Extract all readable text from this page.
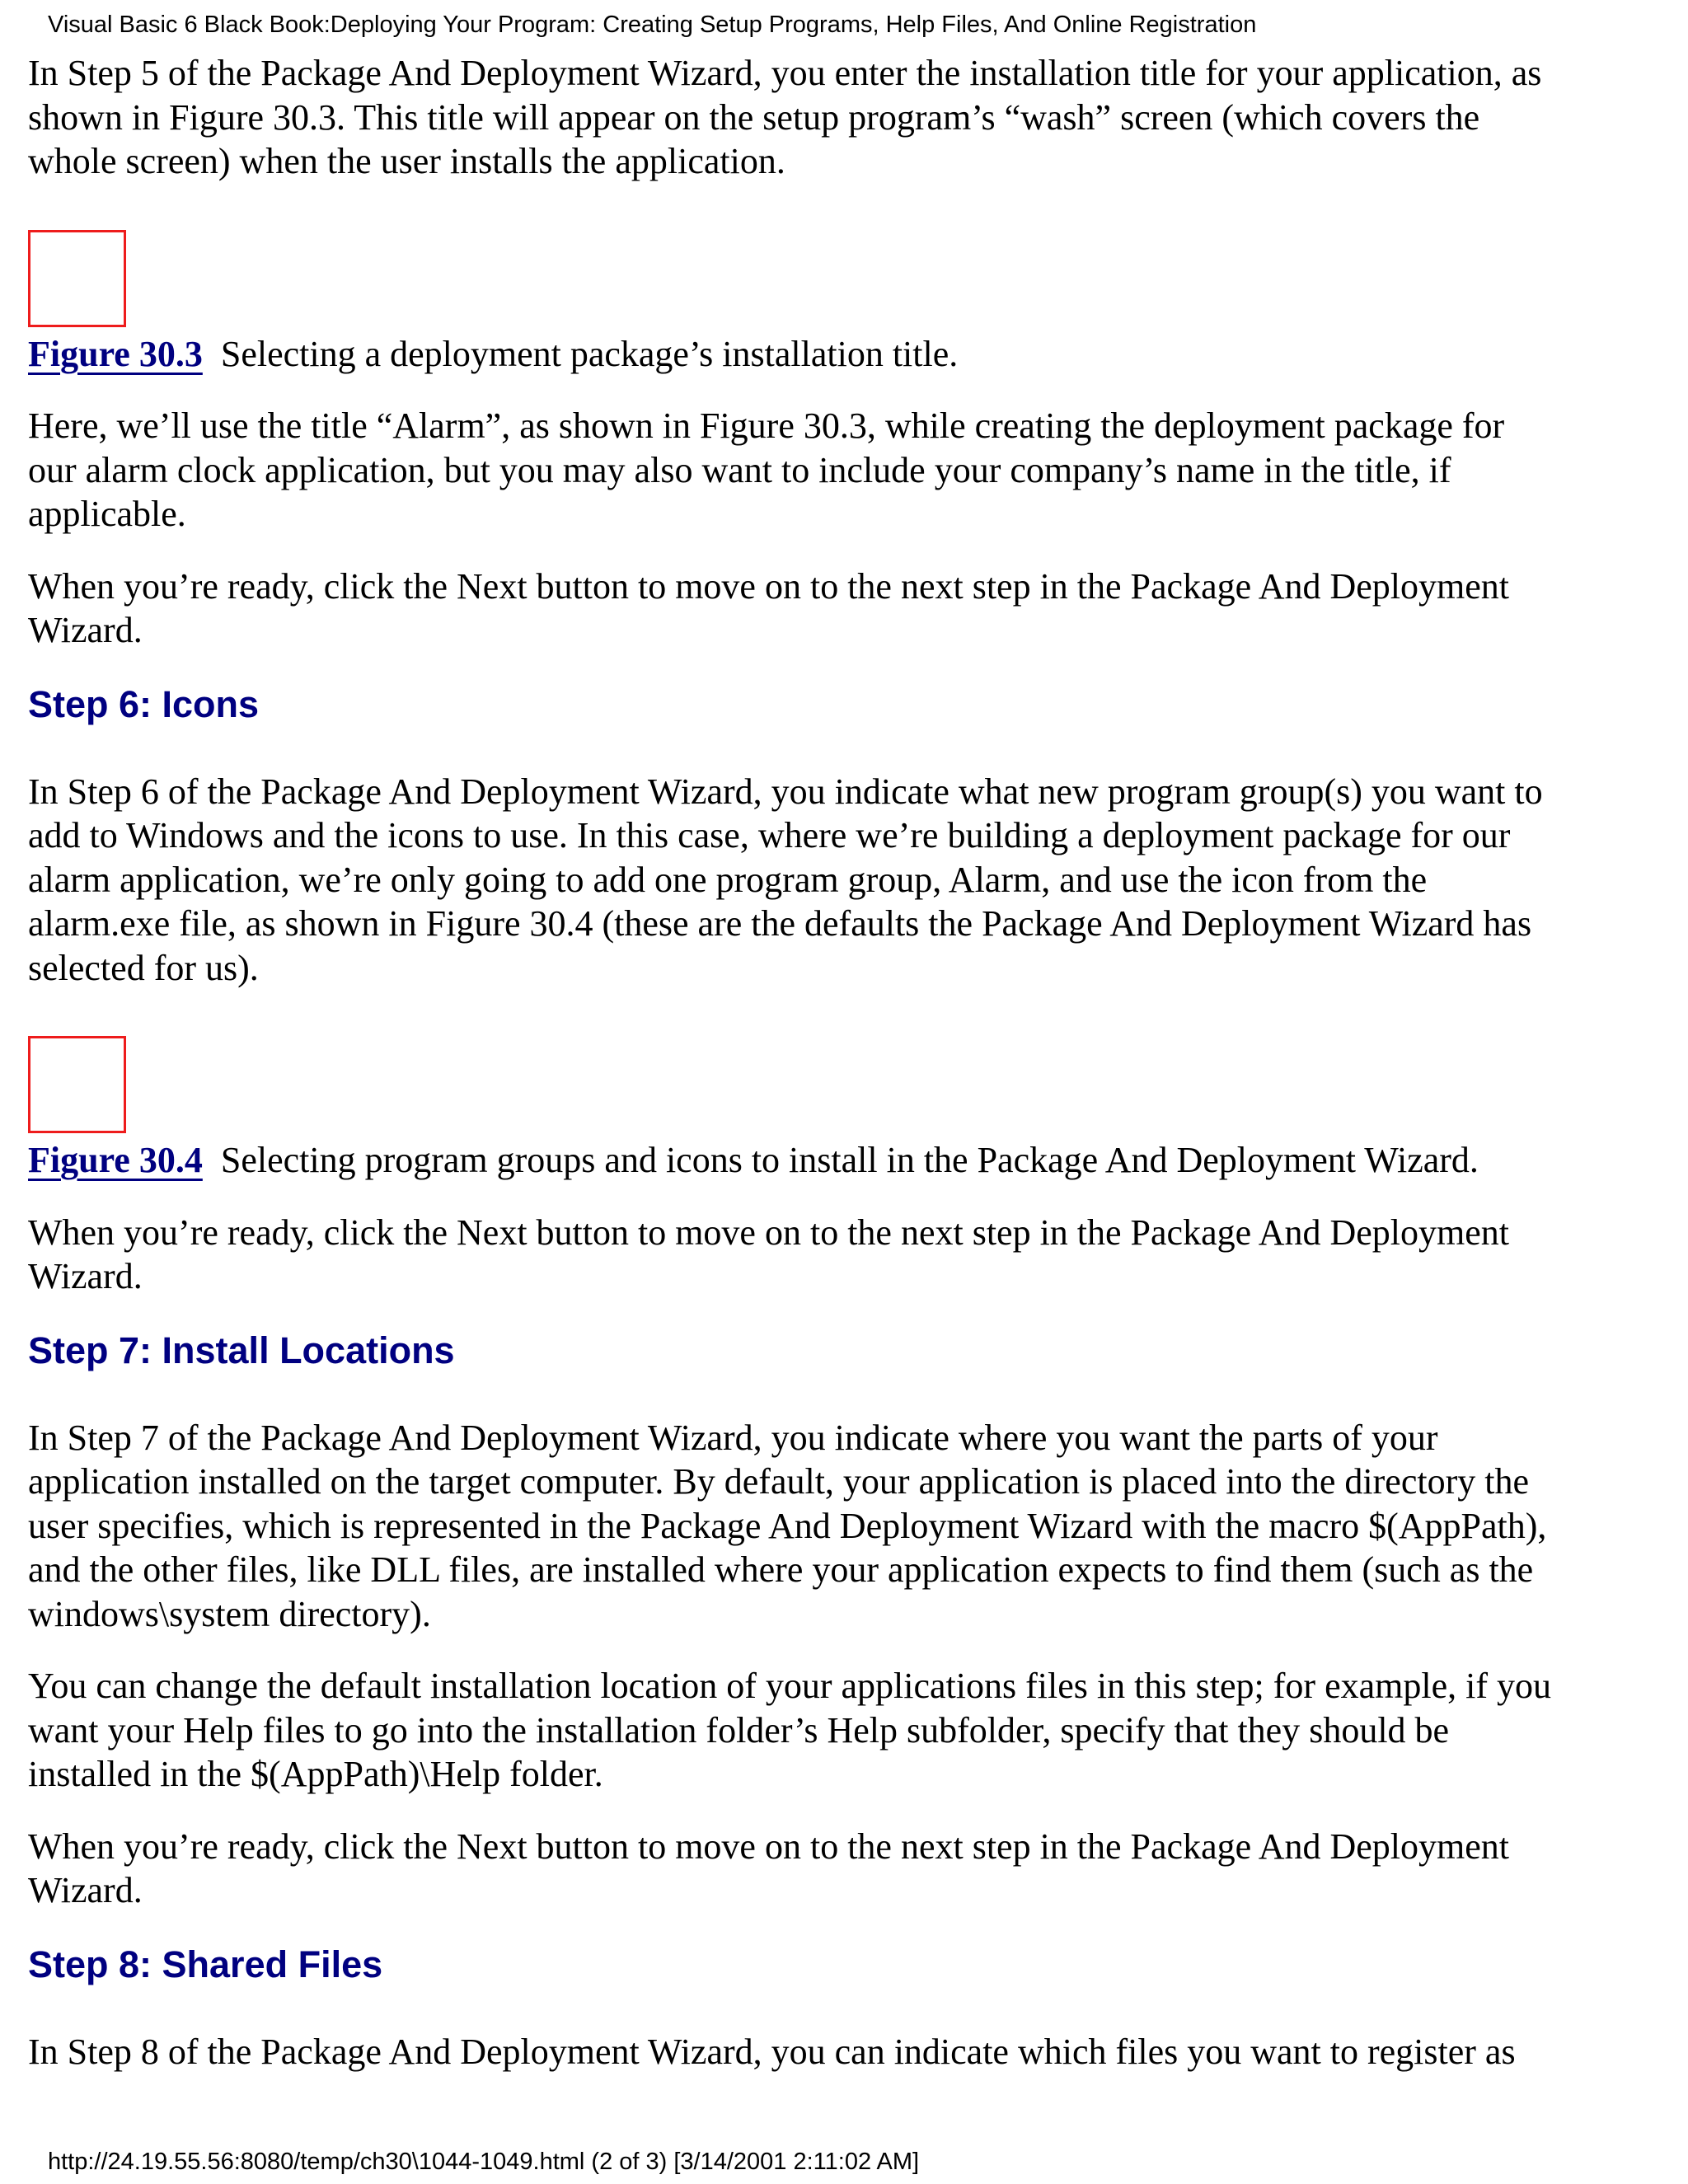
Visual Basic 6 Black Book:Deploying Your Program: Creating Setup Programs, Help Files, And Online Registration

In Step 5 of the Package And Deployment Wizard, you enter the installation title for your application, as
shown in Figure 30.3. This title will appear on the setup program’s “wash” screen (which covers the
whole screen) when the user installs the application.

Figure 30.3 Selecting a deployment package’s installation title.

Here, we’ll use the title “Alarm”, as shown in Figure 30.3, while creating the deployment package for
our alarm clock application, but you may also want to include your company’s name in the title, if
applicable.

When you’re ready, click the Next button to move on to the next step in the Package And Deployment
Wizard.

Step 6: Icons

In Step 6 of the Package And Deployment Wizard, you indicate what new program group(s) you want to
add to Windows and the icons to use. In this case, where we’re building a deployment package for our
alarm application, we’re only going to add one program group, Alarm, and use the icon from the
alarm.exe file, as shown in Figure 30.4 (these are the defaults the Package And Deployment Wizard has
selected for us).

Figure 30.4 Selecting program groups and icons to install in the Package And Deployment Wizard.

When you’re ready, click the Next button to move on to the next step in the Package And Deployment
Wizard.

Step 7: Install Locations

In Step 7 of the Package And Deployment Wizard, you indicate where you want the parts of your
application installed on the target computer. By default, your application is placed into the directory the
user specifies, which is represented in the Package And Deployment Wizard with the macro $(AppPath),
and the other files, like DLL files, are installed where your application expects to find them (such as the
windows\system directory).

You can change the default installation location of your applications files in this step; for example, if you
want your Help files to go into the installation folder’s Help subfolder, specify that they should be
installed in the $(AppPath)\Help folder.

When you’re ready, click the Next button to move on to the next step in the Package And Deployment
Wizard.

Step 8: Shared Files

In Step 8 of the Package And Deployment Wizard, you can indicate which files you want to register as

http://24.19.55.56:8080/temp/ch30\1044-1049.html (2 of 3) [3/14/2001 2:11:02 AM]
